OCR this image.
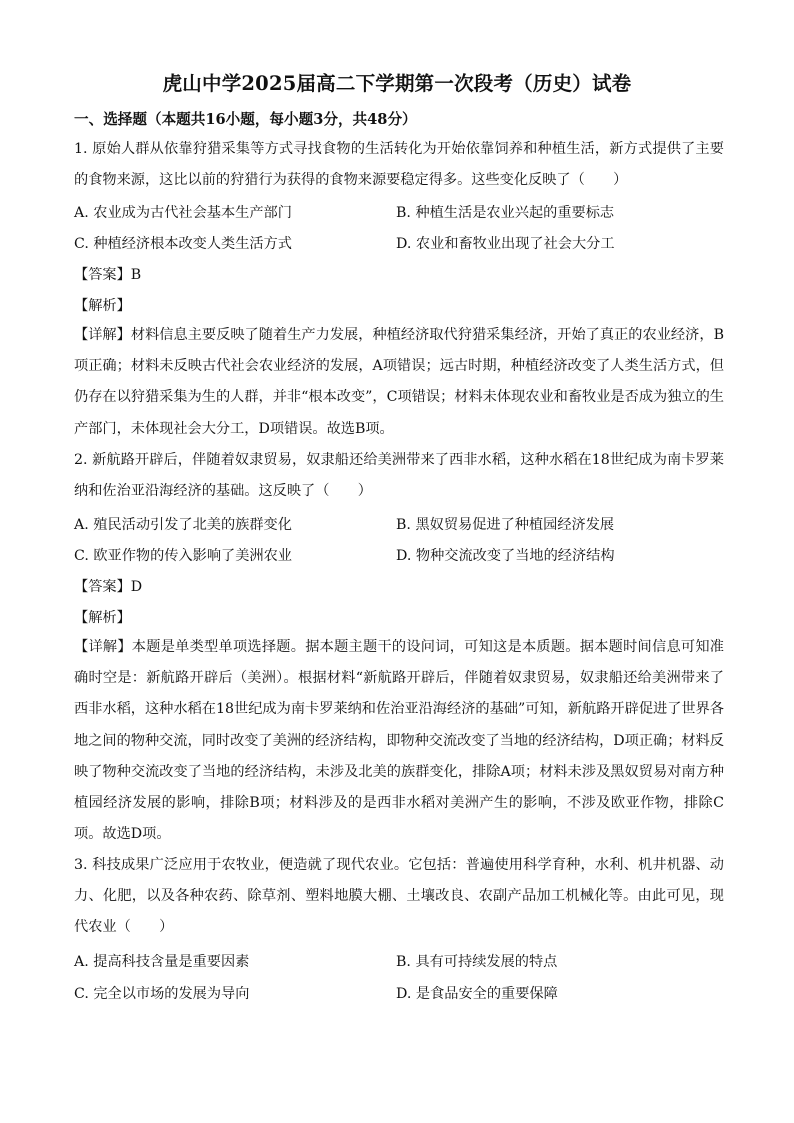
虎山中学2025届高二下学期第一次段考（历史）试卷
一、选择题（本题共16小题，每小题3分，共48分）

1. 原始人群从依靠狩猎采集等方式寻找食物的生活转化为开始依靠饲养和种植生活，新方式提供了主要的食物来源，这比以前的狩猎行为获得的食物来源要稳定得多。这些变化反映了（　　）

A. 农业成为古代社会基本生产部门	B. 种植生活是农业兴起的重要标志
C. 种植经济根本改变人类生活方式	D. 农业和畜牧业出现了社会大分工
【答案】B
【解析】

【详解】材料信息主要反映了随着生产力发展，种植经济取代狩猎采集经济，开始了真正的农业经济，B项正确；材料未反映古代社会农业经济的发展，A项错误；远古时期，种植经济改变了人类生活方式，但仍存在以狩猎采集为生的人群，并非“根本改变”，C项错误；材料未体现农业和畜牧业是否成为独立的生产部门，未体现社会大分工，D项错误。故选B项。

2. 新航路开辟后，伴随着奴隶贸易，奴隶船还给美洲带来了西非水稻，这种水稻在18世纪成为南卡罗莱纳和佐治亚沿海经济的基础。这反映了（　　）

A. 殖民活动引发了北美的族群变化	B. 黑奴贸易促进了种植园经济发展
C. 欧亚作物的传入影响了美洲农业	D. 物种交流改变了当地的经济结构
【答案】D
【解析】

【详解】本题是单类型单项选择题。据本题主题干的设问词，可知这是本质题。据本题时间信息可知准确时空是：新航路开辟后（美洲）。根据材料“新航路开辟后，伴随着奴隶贸易，奴隶船还给美洲带来了西非水稻，这种水稻在18世纪成为南卡罗莱纳和佐治亚沿海经济的基础”可知，新航路开辟促进了世界各地之间的物种交流，同时改变了美洲的经济结构，即物种交流改变了当地的经济结构，D项正确；材料反映了物种交流改变了当地的经济结构，未涉及北美的族群变化，排除A项；材料未涉及黑奴贸易对南方种植园经济发展的影响，排除B项；材料涉及的是西非水稻对美洲产生的影响，不涉及欧亚作物，排除C项。故选D项。

3. 科技成果广泛应用于农牧业，便造就了现代农业。它包括：普遍使用科学育种，水利、机井机器、动力、化肥，以及各种农药、除草剂、塑料地膜大棚、土壤改良、农副产品加工机械化等。由此可见，现代农业（　　）

A. 提高科技含量是重要因素	B. 具有可持续发展的特点
C. 完全以市场的发展为导向	D. 是食品安全的重要保障
